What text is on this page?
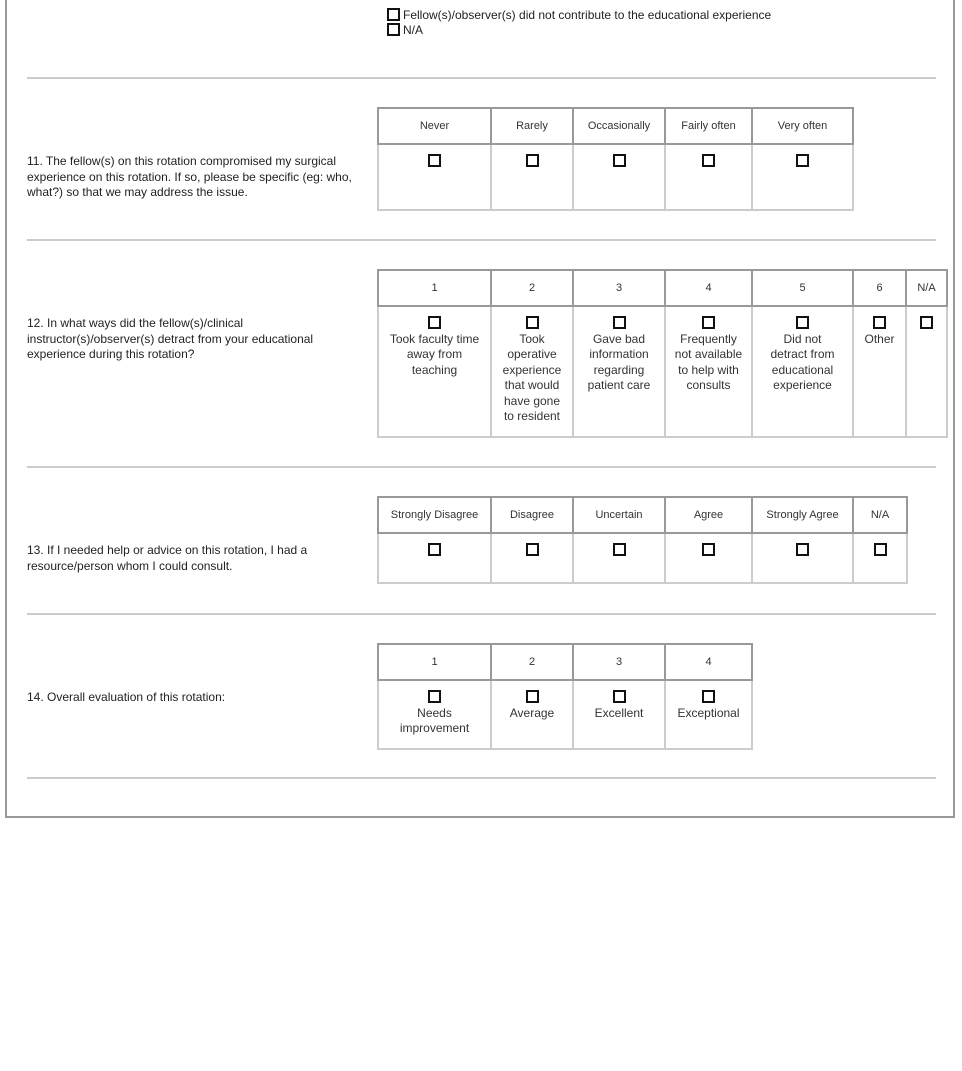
Fellow(s)/observer(s) did not contribute to the educational experience
N/A
11. The fellow(s) on this rotation compromised my surgical experience on this rotation. If so, please be specific (eg: who, what?) so that we may address the issue.
Never	Rarely	Occasionally	Fairly often	Very often

12. In what ways did the fellow(s)/clinical instructor(s)/observer(s) detract from your educational experience during this rotation?
1	2	3	4	5	6	N/A

Took faculty time away from teaching	Took operative experience that would have gone to resident	Gave bad information regarding patient care	Frequently not available to help with consults	Did not detract from educational experience	Other	

13. If I needed help or advice on this rotation, I had a resource/person whom I could consult.
Strongly Disagree	Disagree	Uncertain	Agree	Strongly Agree	N/A

14. Overall evaluation of this rotation:
1	2	3	4

Needs improvement	Average	Excellent	Exceptional
